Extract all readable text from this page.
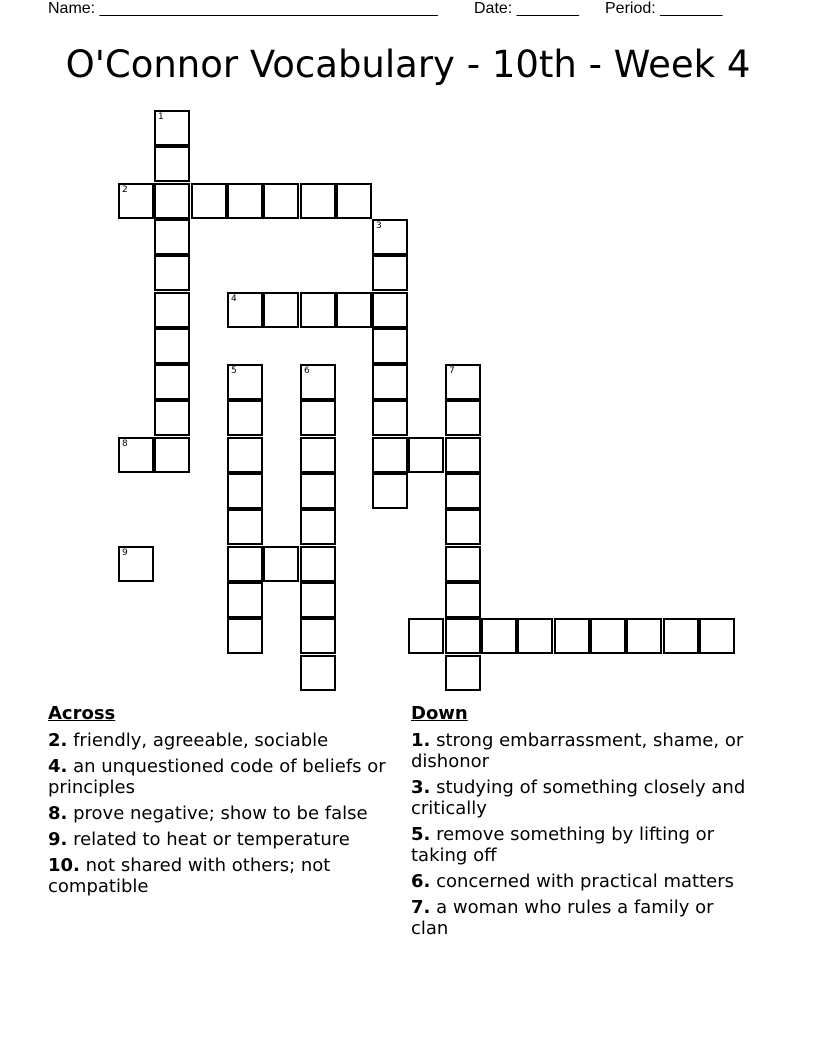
Name: ______________________________________

Date: _______

Period: _______

O'Connor Vocabulary - 10th - Week 4
1
2
3
4
5	6	7
8
9
Across
2. friendly, agreeable, sociable
4. an unquestioned code of beliefs or principles
8. prove negative; show to be false
9. related to heat or temperature
10. not shared with others; not compatible
Down
1. strong embarrassment, shame, or dishonor
3. studying of something closely and critically
5. remove something by lifting or taking off
6. concerned with practical matters
7. a woman who rules a family or clan
